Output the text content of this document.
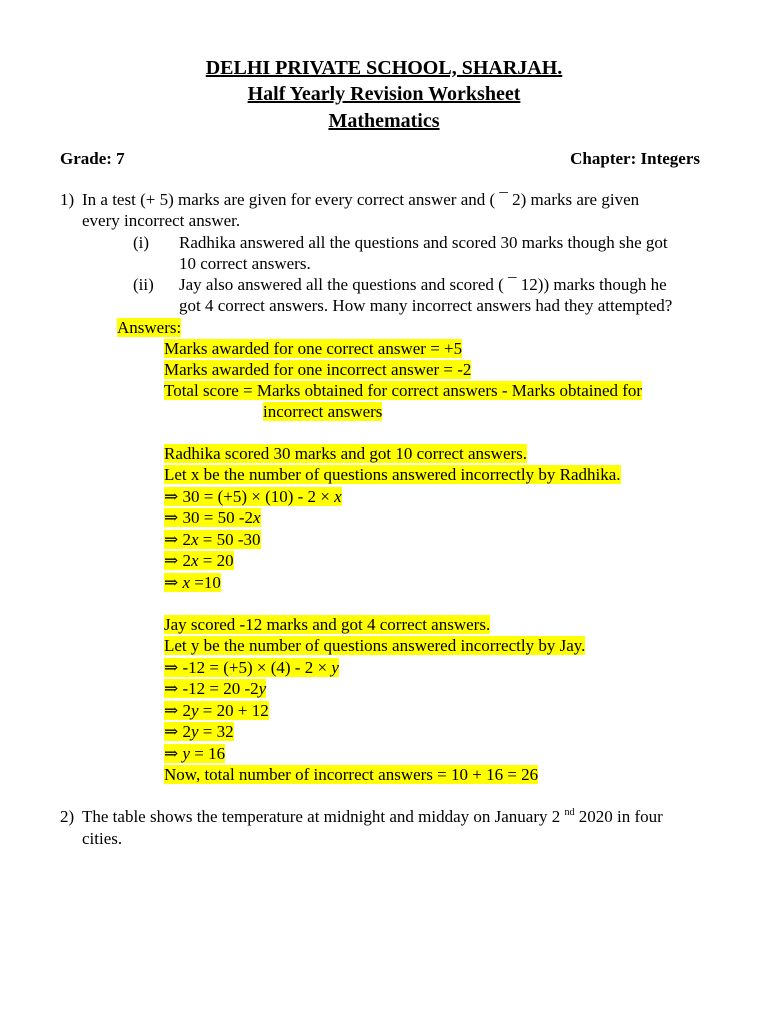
DELHI PRIVATE SCHOOL, SHARJAH.
Half Yearly Revision Worksheet
Mathematics
Grade: 7	Chapter: Integers
1) In a test (+ 5) marks are given for every correct answer and ( ¯ 2) marks are given
every incorrect answer.
(i) Radhika answered all the questions and scored 30 marks though she got
10 correct answers.
(ii) Jay also answered all the questions and scored ( ¯ 12)) marks though he
got 4 correct answers. How many incorrect answers had they attempted?
Answers:
Marks awarded for one correct answer = +5
Marks awarded for one incorrect answer = -2
Total score = Marks obtained for correct answers - Marks obtained for
incorrect answers
Radhika scored 30 marks and got 10 correct answers.
Let x be the number of questions answered incorrectly by Radhika.
⇒ 30 = (+5) × (10) - 2 × x
⇒ 30 = 50 -2x
⇒ 2x = 50 -30
⇒ 2x = 20
⇒ x =10
Jay scored -12 marks and got 4 correct answers.
Let y be the number of questions answered incorrectly by Jay.
⇒ -12 = (+5) × (4) - 2 × y
⇒ -12 = 20 -2y
⇒ 2y = 20 + 12
⇒ 2y = 32
⇒ y = 16
Now, total number of incorrect answers = 10 + 16 = 26
2) The table shows the temperature at midnight and midday on January 2 $^{nd}$ 2020 in four
cities.
